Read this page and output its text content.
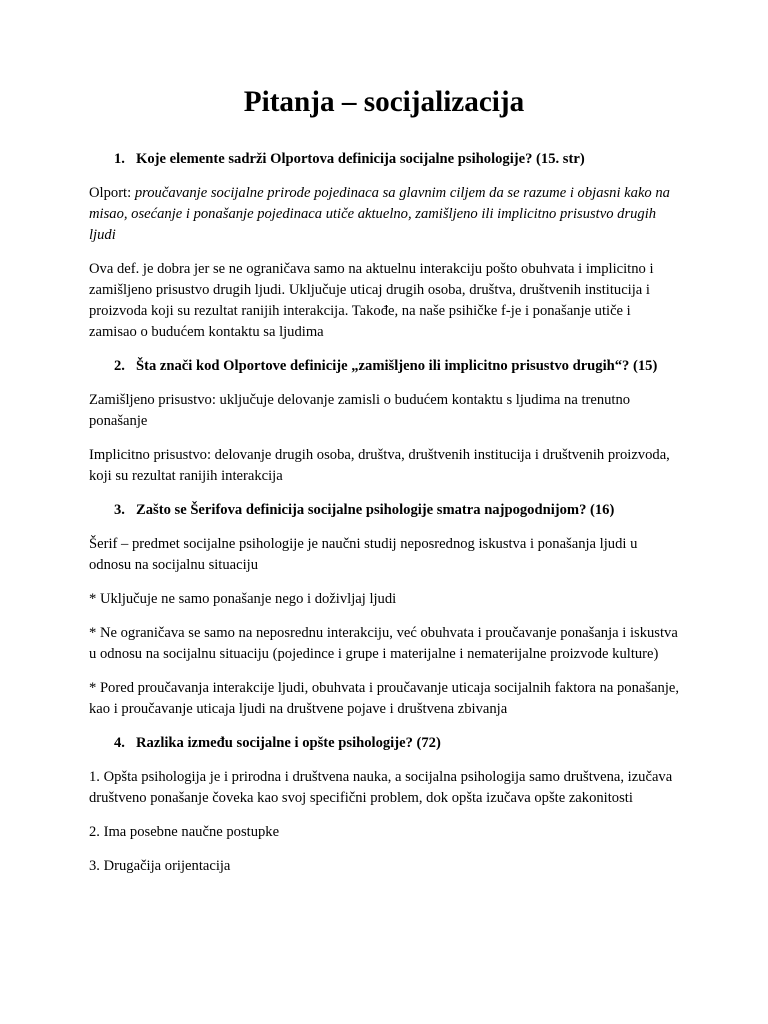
Pitanja – socijalizacija
1. Koje elemente sadrži Olportova definicija socijalne psihologije? (15. str)

Olport: proučavanje socijalne prirode pojedinaca sa glavnim ciljem da se razume i objasni kako na misao, osećanje i ponašanje pojedinaca utiče aktuelno, zamišljeno ili implicitno prisustvo drugih ljudi

Ova def. je dobra jer se ne ograničava samo na aktuelnu interakciju pošto obuhvata i implicitno i zamišljeno prisustvo drugih ljudi. Uključuje uticaj drugih osoba, društva, društvenih institucija i proizvoda koji su rezultat ranijih interakcija. Takođe, na naše psihičke f-je i ponašanje utiče i zamisao o budućem kontaktu sa ljudima

2. Šta znači kod Olportove definicije „zamišljeno ili implicitno prisustvo drugih“? (15)

Zamišljeno prisustvo: uključuje delovanje zamisli o budućem kontaktu s ljudima na trenutno ponašanje

Implicitno prisustvo: delovanje drugih osoba, društva, društvenih institucija i društvenih proizvoda, koji su rezultat ranijih interakcija

3. Zašto se Šerifova definicija socijalne psihologije smatra najpogodnijom? (16)

Šerif – predmet socijalne psihologije je naučni studij neposrednog iskustva i ponašanja ljudi u odnosu na socijalnu situaciju

* Uključuje ne samo ponašanje nego i doživljaj ljudi

* Ne ograničava se samo na neposrednu interakciju, već obuhvata i proučavanje ponašanja i iskustva u odnosu na socijalnu situaciju (pojedince i grupe i materijalne i nematerijalne proizvode kulture)

* Pored proučavanja interakcije ljudi, obuhvata i proučavanje uticaja socijalnih faktora na ponašanje, kao i proučavanje uticaja ljudi na društvene pojave i društvena zbivanja

4. Razlika između socijalne i opšte psihologije? (72)

1. Opšta psihologija je i prirodna i društvena nauka, a socijalna psihologija samo društvena, izučava društveno ponašanje čoveka kao svoj specifični problem, dok opšta izučava opšte zakonitosti

2. Ima posebne naučne postupke

3. Drugačija orijentacija
